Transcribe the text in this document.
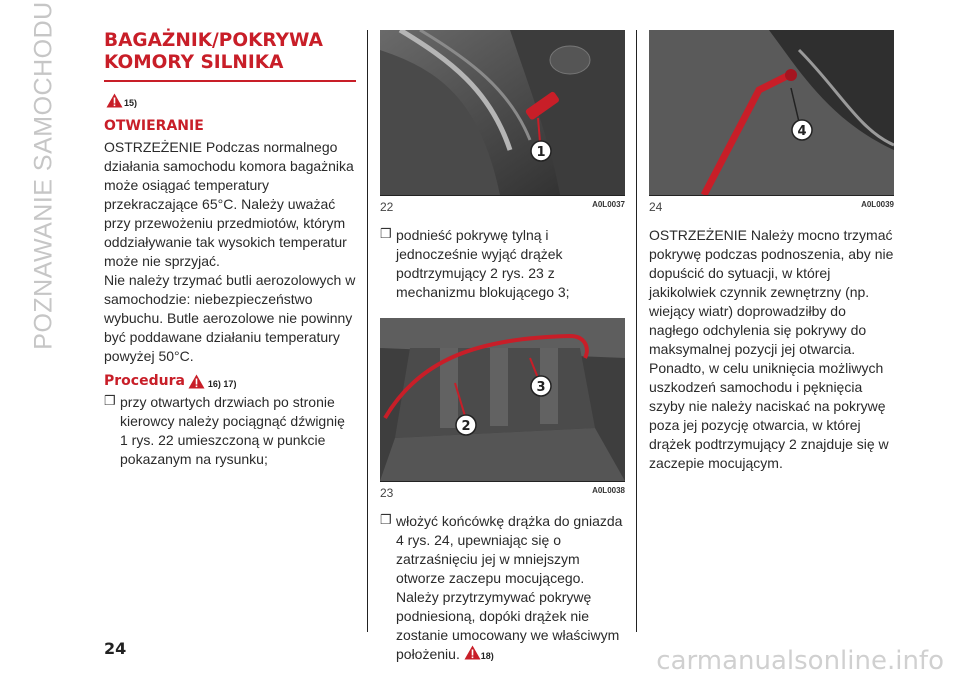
POZNAWANIE SAMOCHODU	BAGAŻNIK/POKRYWA
KOMORY SILNIKA
15)
OTWIERANIE

OSTRZEŻENIE Podczas normalnego działania samochodu komora bagażnika może osiągać temperatury przekraczające 65°C. Należy uważać przy przewożeniu przedmiotów, którym oddziaływanie tak wysokich temperatur może nie sprzyjać.

Nie należy trzymać butli aerozolowych w samochodzie: niebezpieczeństwo wybuchu. Butle aerozolowe nie powinny być poddawane działaniu temperatury powyżej 50°C.

Procedura	16) 17)
❒ przy otwartych drzwiach po stronie kierowcy należy pociągnąć dźwignię 1 rys. 22 umieszczoną w punkcie pokazanym na rysunku;

1
22	A0L0037
❒ podnieść pokrywę tylną i jednocześnie wyjąć drążek podtrzymujący 2 rys. 23 z mechanizmu blokującego 3;

2
3
23	A0L0038
❒ włożyć końcówkę drążka do gniazda 4 rys. 24, upewniając się o zatrzaśnięciu jej w mniejszym otworze zaczepu mocującego. Należy przytrzymywać pokrywę podniesioną, dopóki drążek nie zostanie umocowany we właściwym położeniu. 18)

4
24	A0L0039

OSTRZEŻENIE Należy mocno trzymać pokrywę podczas podnoszenia, aby nie dopuścić do sytuacji, w której jakikolwiek czynnik zewnętrzny (np. wiejący wiatr) doprowadziłby do nagłego odchylenia się pokrywy do maksymalnej pozycji jej otwarcia. Ponadto, w celu uniknięcia możliwych uszkodzeń samochodu i pęknięcia szyby nie należy naciskać na pokrywę poza jej pozycję otwarcia, w której drążek podtrzymujący 2 znajduje się w zaczepie mocującym.

24	carmanualsonline.info
